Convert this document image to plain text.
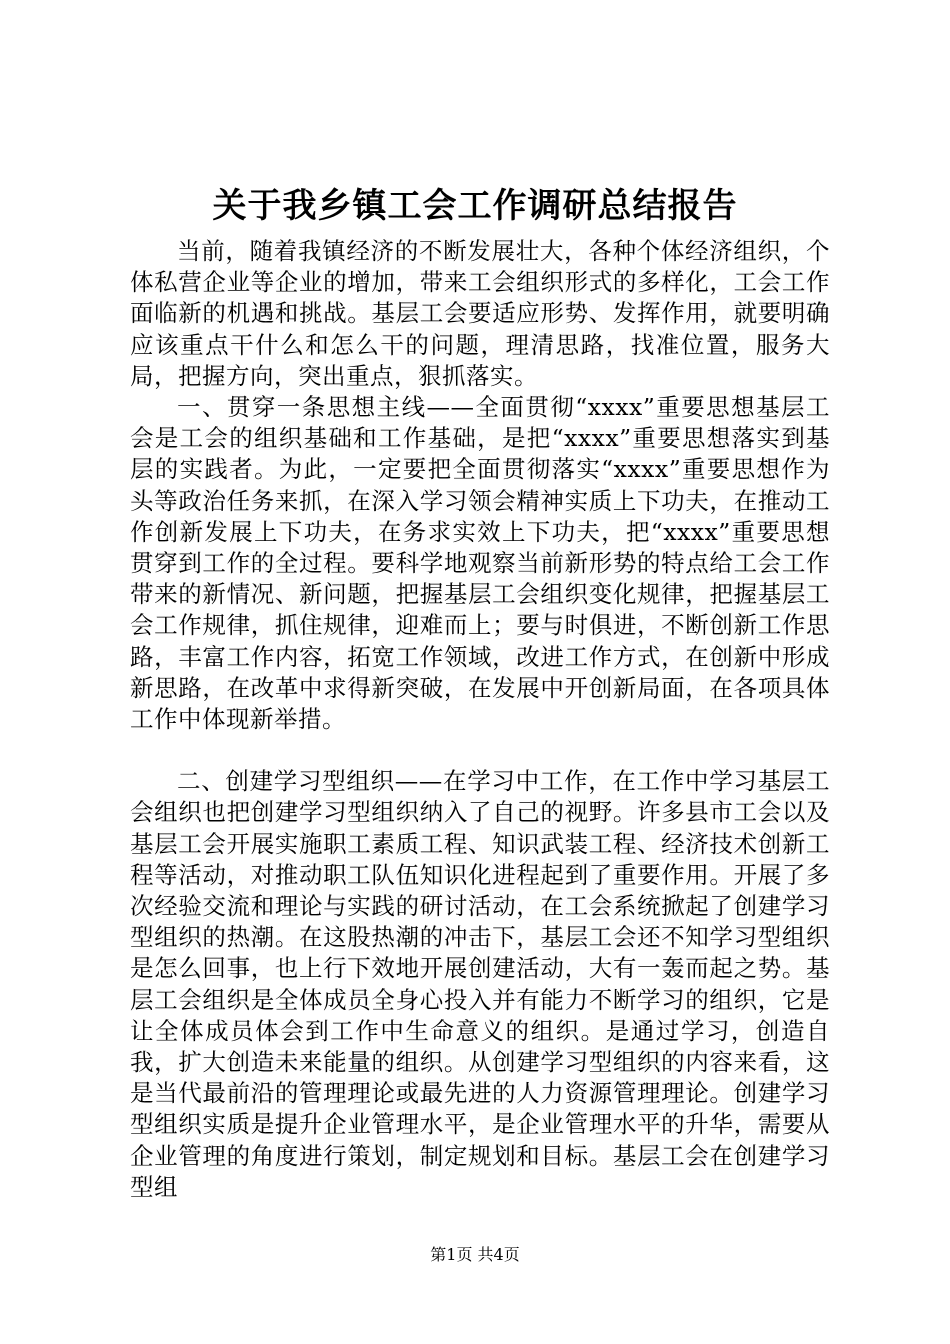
关于我乡镇工会工作调研总结报告

当前，随着我镇经济的不断发展壮大，各种个体经济组织，个体私营企业等企业的增加，带来工会组织形式的多样化，工会工作面临新的机遇和挑战。基层工会要适应形势、发挥作用，就要明确应该重点干什么和怎么干的问题，理清思路，找准位置，服务大局，把握方向，突出重点，狠抓落实。

一、贯穿一条思想主线——全面贯彻“xxxx”重要思想基层工会是工会的组织基础和工作基础，是把“xxxx”重要思想落实到基层的实践者。为此，一定要把全面贯彻落实“xxxx”重要思想作为头等政治任务来抓，在深入学习领会精神实质上下功夫，在推动工作创新发展上下功夫，在务求实效上下功夫，把“xxxx”重要思想贯穿到工作的全过程。要科学地观察当前新形势的特点给工会工作带来的新情况、新问题，把握基层工会组织变化规律，把握基层工会工作规律，抓住规律，迎难而上；要与时俱进，不断创新工作思路，丰富工作内容，拓宽工作领域，改进工作方式，在创新中形成新思路，在改革中求得新突破，在发展中开创新局面，在各项具体工作中体现新举措。

二、创建学习型组织——在学习中工作，在工作中学习基层工会组织也把创建学习型组织纳入了自己的视野。许多县市工会以及基层工会开展实施职工素质工程、知识武装工程、经济技术创新工程等活动，对推动职工队伍知识化进程起到了重要作用。开展了多次经验交流和理论与实践的研讨活动，在工会系统掀起了创建学习型组织的热潮。在这股热潮的冲击下，基层工会还不知学习型组织是怎么回事，也上行下效地开展创建活动，大有一轰而起之势。基层工会组织是全体成员全身心投入并有能力不断学习的组织，它是让全体成员体会到工作中生命意义的组织。是通过学习，创造自我，扩大创造未来能量的组织。从创建学习型组织的内容来看，这是当代最前沿的管理理论或最先进的人力资源管理理论。创建学习型组织实质是提升企业管理水平，是企业管理水平的升华，需要从企业管理的角度进行策划，制定规划和目标。基层工会在创建学习型组

第1页 共4页
